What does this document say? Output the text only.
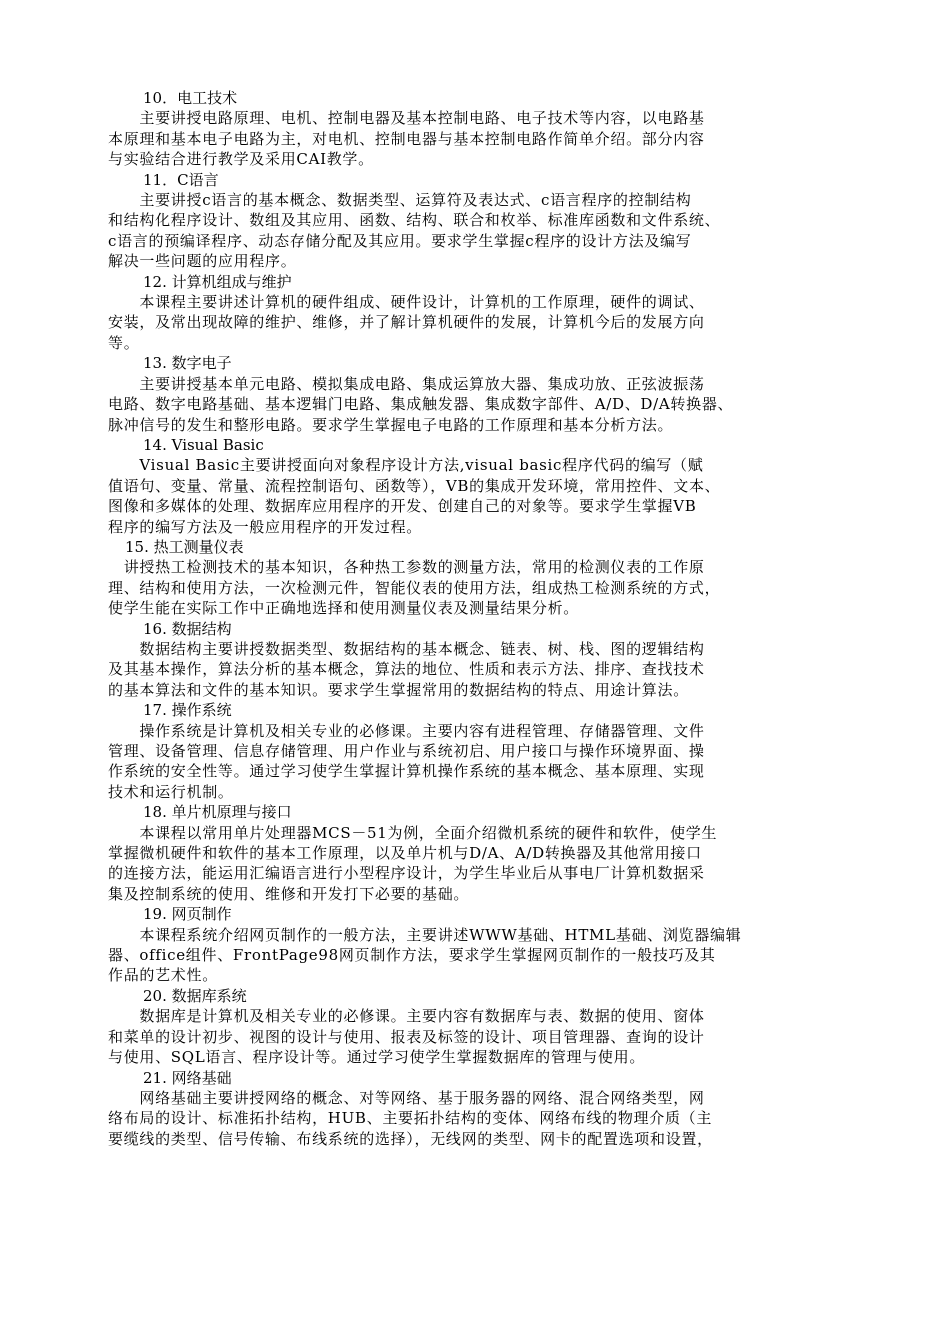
10．电工技术
　　主要讲授电路原理、电机、控制电器及基本控制电路、电子技术等内容，以电路基
本原理和基本电子电路为主，对电机、控制电器与基本控制电路作简单介绍。部分内容
与实验结合进行教学及采用CAI教学。
11．C语言
　　主要讲授c语言的基本概念、数据类型、运算符及表达式、c语言程序的控制结构
和结构化程序设计、数组及其应用、函数、结构、联合和枚举、标准库函数和文件系统、
c语言的预编译程序、动态存储分配及其应用。要求学生掌握c程序的设计方法及编写
解决一些问题的应用程序。
12. 计算机组成与维护
　　本课程主要讲述计算机的硬件组成、硬件设计，计算机的工作原理，硬件的调试、
安装，及常出现故障的维护、维修，并了解计算机硬件的发展，计算机今后的发展方向
等。
13. 数字电子
　　主要讲授基本单元电路、模拟集成电路、集成运算放大器、集成功放、正弦波振荡
电路、数字电路基础、基本逻辑门电路、集成触发器、集成数字部件、A/D、D/A转换器、
脉冲信号的发生和整形电路。要求学生掌握电子电路的工作原理和基本分析方法。
14. Visual Basic
　　Visual Basic主要讲授面向对象程序设计方法,visual basic程序代码的编写（赋
值语句、变量、常量、流程控制语句、函数等），VB的集成开发环境，常用控件、文本、
图像和多媒体的处理、数据库应用程序的开发、创建自己的对象等。要求学生掌握VB
程序的编写方法及一般应用程序的开发过程。
15. 热工测量仪表
　讲授热工检测技术的基本知识，各种热工参数的测量方法，常用的检测仪表的工作原
理、结构和使用方法，一次检测元件，智能仪表的使用方法，组成热工检测系统的方式，
使学生能在实际工作中正确地选择和使用测量仪表及测量结果分析。
16. 数据结构
　　数据结构主要讲授数据类型、数据结构的基本概念、链表、树、栈、图的逻辑结构
及其基本操作，算法分析的基本概念，算法的地位、性质和表示方法、排序、查找技术
的基本算法和文件的基本知识。要求学生掌握常用的数据结构的特点、用途计算法。
17. 操作系统
　　操作系统是计算机及相关专业的必修课。主要内容有进程管理、存储器管理、文件
管理、设备管理、信息存储管理、用户作业与系统初启、用户接口与操作环境界面、操
作系统的安全性等。通过学习使学生掌握计算机操作系统的基本概念、基本原理、实现
技术和运行机制。
18. 单片机原理与接口
　　本课程以常用单片处理器MCS－51为例，全面介绍微机系统的硬件和软件，使学生
掌握微机硬件和软件的基本工作原理，以及单片机与D/A、A/D转换器及其他常用接口
的连接方法，能运用汇编语言进行小型程序设计，为学生毕业后从事电厂计算机数据采
集及控制系统的使用、维修和开发打下必要的基础。
19. 网页制作
　　本课程系统介绍网页制作的一般方法，主要讲述WWW基础、HTML基础、浏览器编辑
器、office组件、FrontPage98网页制作方法，要求学生掌握网页制作的一般技巧及其
作品的艺术性。
20. 数据库系统
　　数据库是计算机及相关专业的必修课。主要内容有数据库与表、数据的使用、窗体
和菜单的设计初步、视图的设计与使用、报表及标签的设计、项目管理器、查询的设计
与使用、SQL语言、程序设计等。通过学习使学生掌握数据库的管理与使用。
21. 网络基础
　　网络基础主要讲授网络的概念、对等网络、基于服务器的网络、混合网络类型，网
络布局的设计、标准拓扑结构，HUB、主要拓扑结构的变体、网络布线的物理介质（主
要缆线的类型、信号传输、布线系统的选择），无线网的类型、网卡的配置选项和设置，
